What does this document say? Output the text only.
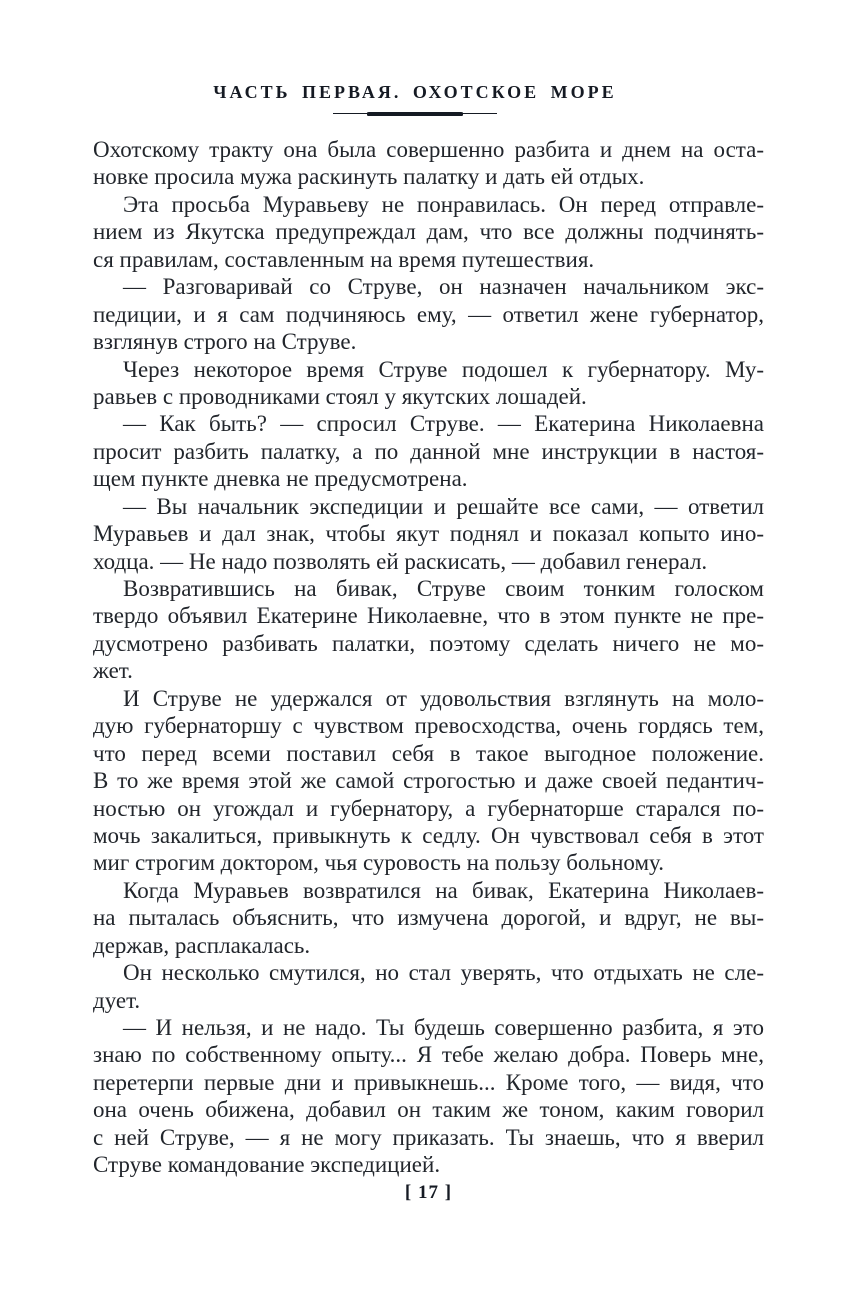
ЧАСТЬ ПЕРВАЯ. ОХОТСКОЕ МОРЕ
Охотскому тракту она была совершенно разбита и днем на оста-
новке просила мужа раскинуть палатку и дать ей отдых.
Эта просьба Муравьеву не понравилась. Он перед отправле-
нием из Якутска предупреждал дам, что все должны подчинять-
ся правилам, составленным на время путешествия.
— Разговаривай со Струве, он назначен начальником экс-
педиции, и я сам подчиняюсь ему, — ответил жене губернатор,
взглянув строго на Струве.
Через некоторое время Струве подошел к губернатору. Му-
равьев с проводниками стоял у якутских лошадей.
— Как быть? — спросил Струве. — Екатерина Николаевна
просит разбить палатку, а по данной мне инструкции в настоя-
щем пункте дневка не предусмотрена.
— Вы начальник экспедиции и решайте все сами, — ответил
Муравьев и дал знак, чтобы якут поднял и показал копыто ино-
ходца. — Не надо позволять ей раскисать, — добавил генерал.
Возвратившись на бивак, Струве своим тонким голоском
твердо объявил Екатерине Николаевне, что в этом пункте не пре-
дусмотрено разбивать палатки, поэтому сделать ничего не мо-
жет.
И Струве не удержался от удовольствия взглянуть на моло-
дую губернаторшу с чувством превосходства, очень гордясь тем,
что перед всеми поставил себя в такое выгодное положение.
В то же время этой же самой строгостью и даже своей педантич-
ностью он угождал и губернатору, а губернаторше старался по-
мочь закалиться, привыкнуть к седлу. Он чувствовал себя в этот
миг строгим доктором, чья суровость на пользу больному.
Когда Муравьев возвратился на бивак, Екатерина Николаев-
на пыталась объяснить, что измучена дорогой, и вдруг, не вы-
держав, расплакалась.
Он несколько смутился, но стал уверять, что отдыхать не сле-
дует.
— И нельзя, и не надо. Ты будешь совершенно разбита, я это
знаю по собственному опыту... Я тебе желаю добра. Поверь мне,
перетерпи первые дни и привыкнешь... Кроме того, — видя, что
она очень обижена, добавил он таким же тоном, каким говорил
с ней Струве, — я не могу приказать. Ты знаешь, что я вверил
Струве командование экспедицией.
[ 17 ]
